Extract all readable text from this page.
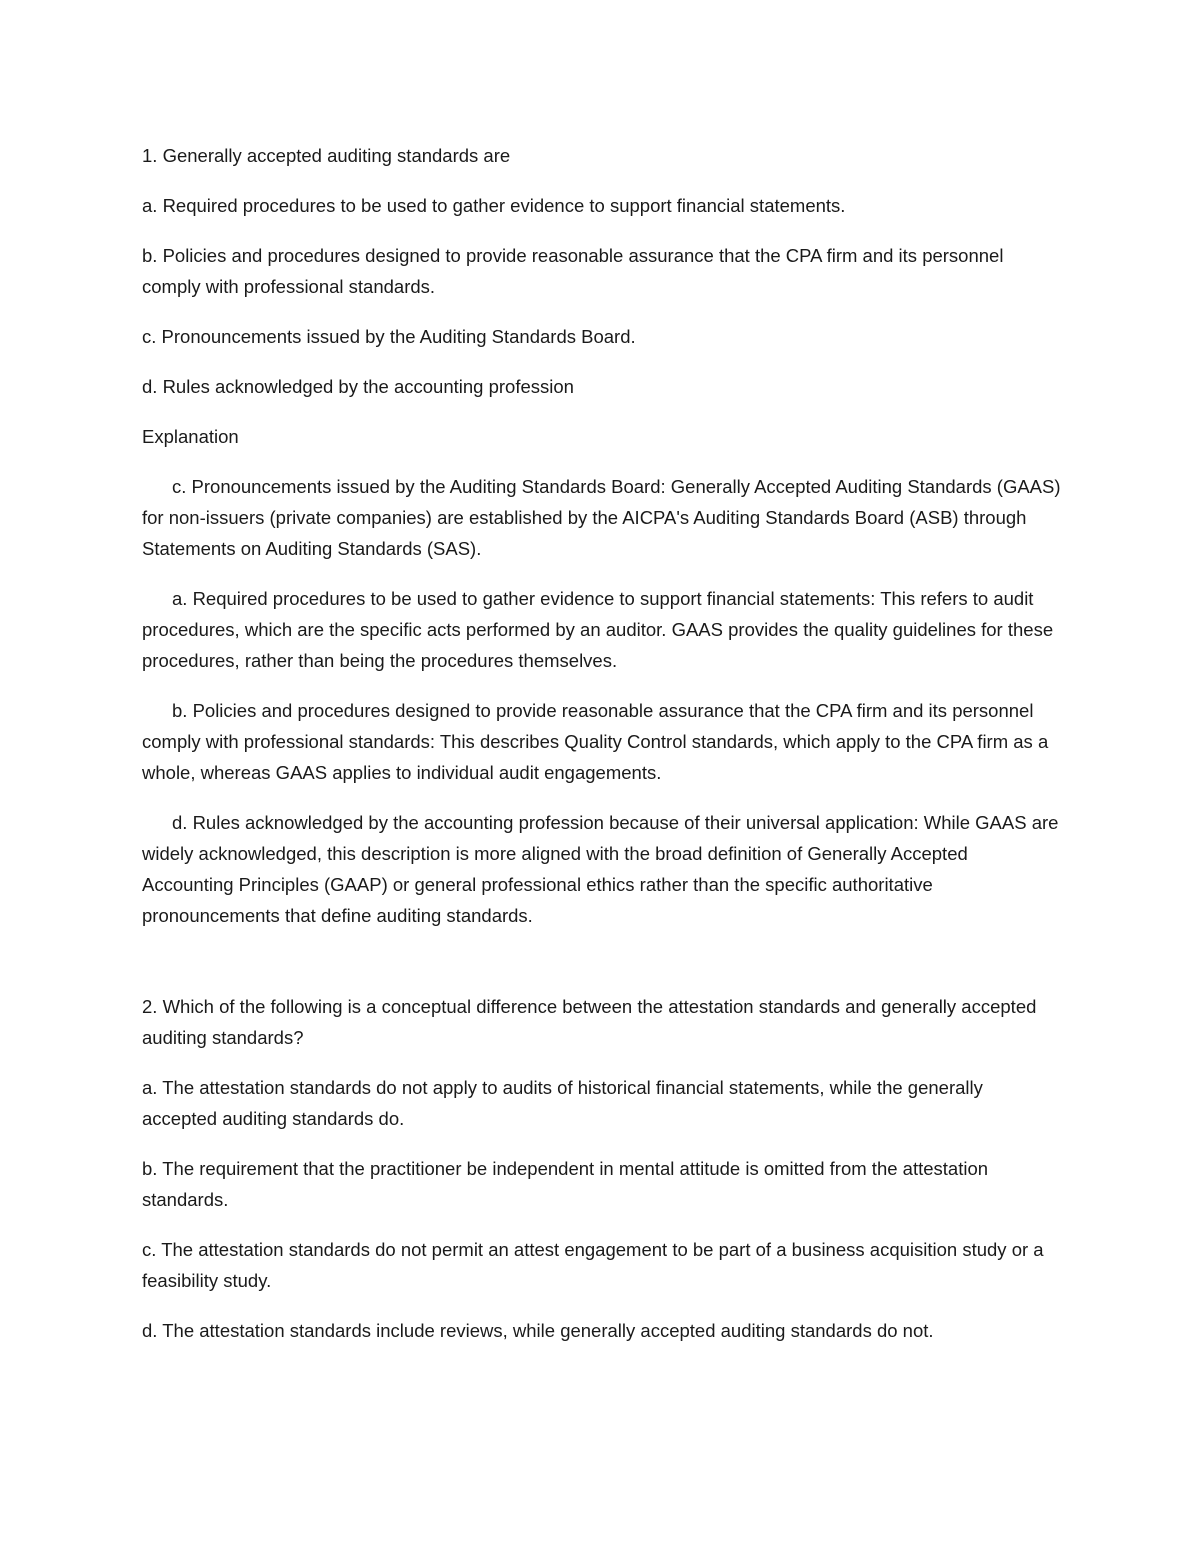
1. Generally accepted auditing standards are

a. Required procedures to be used to gather evidence to support financial statements.

b. Policies and procedures designed to provide reasonable assurance that the CPA firm and its personnel comply with professional standards.

c. Pronouncements issued by the Auditing Standards Board.

d. Rules acknowledged by the accounting profession

Explanation

c. Pronouncements issued by the Auditing Standards Board: Generally Accepted Auditing Standards (GAAS) for non-issuers (private companies) are established by the AICPA's Auditing Standards Board (ASB) through Statements on Auditing Standards (SAS).

a. Required procedures to be used to gather evidence to support financial statements: This refers to audit procedures, which are the specific acts performed by an auditor. GAAS provides the quality guidelines for these procedures, rather than being the procedures themselves.

b. Policies and procedures designed to provide reasonable assurance that the CPA firm and its personnel comply with professional standards: This describes Quality Control standards, which apply to the CPA firm as a whole, whereas GAAS applies to individual audit engagements.

d. Rules acknowledged by the accounting profession because of their universal application: While GAAS are widely acknowledged, this description is more aligned with the broad definition of Generally Accepted Accounting Principles (GAAP) or general professional ethics rather than the specific authoritative pronouncements that define auditing standards.

2. Which of the following is a conceptual difference between the attestation standards and generally accepted auditing standards?

a. The attestation standards do not apply to audits of historical financial statements, while the generally accepted auditing standards do.

b. The requirement that the practitioner be independent in mental attitude is omitted from the attestation standards.

c. The attestation standards do not permit an attest engagement to be part of a business acquisition study or a feasibility study.

d. The attestation standards include reviews, while generally accepted auditing standards do not.
